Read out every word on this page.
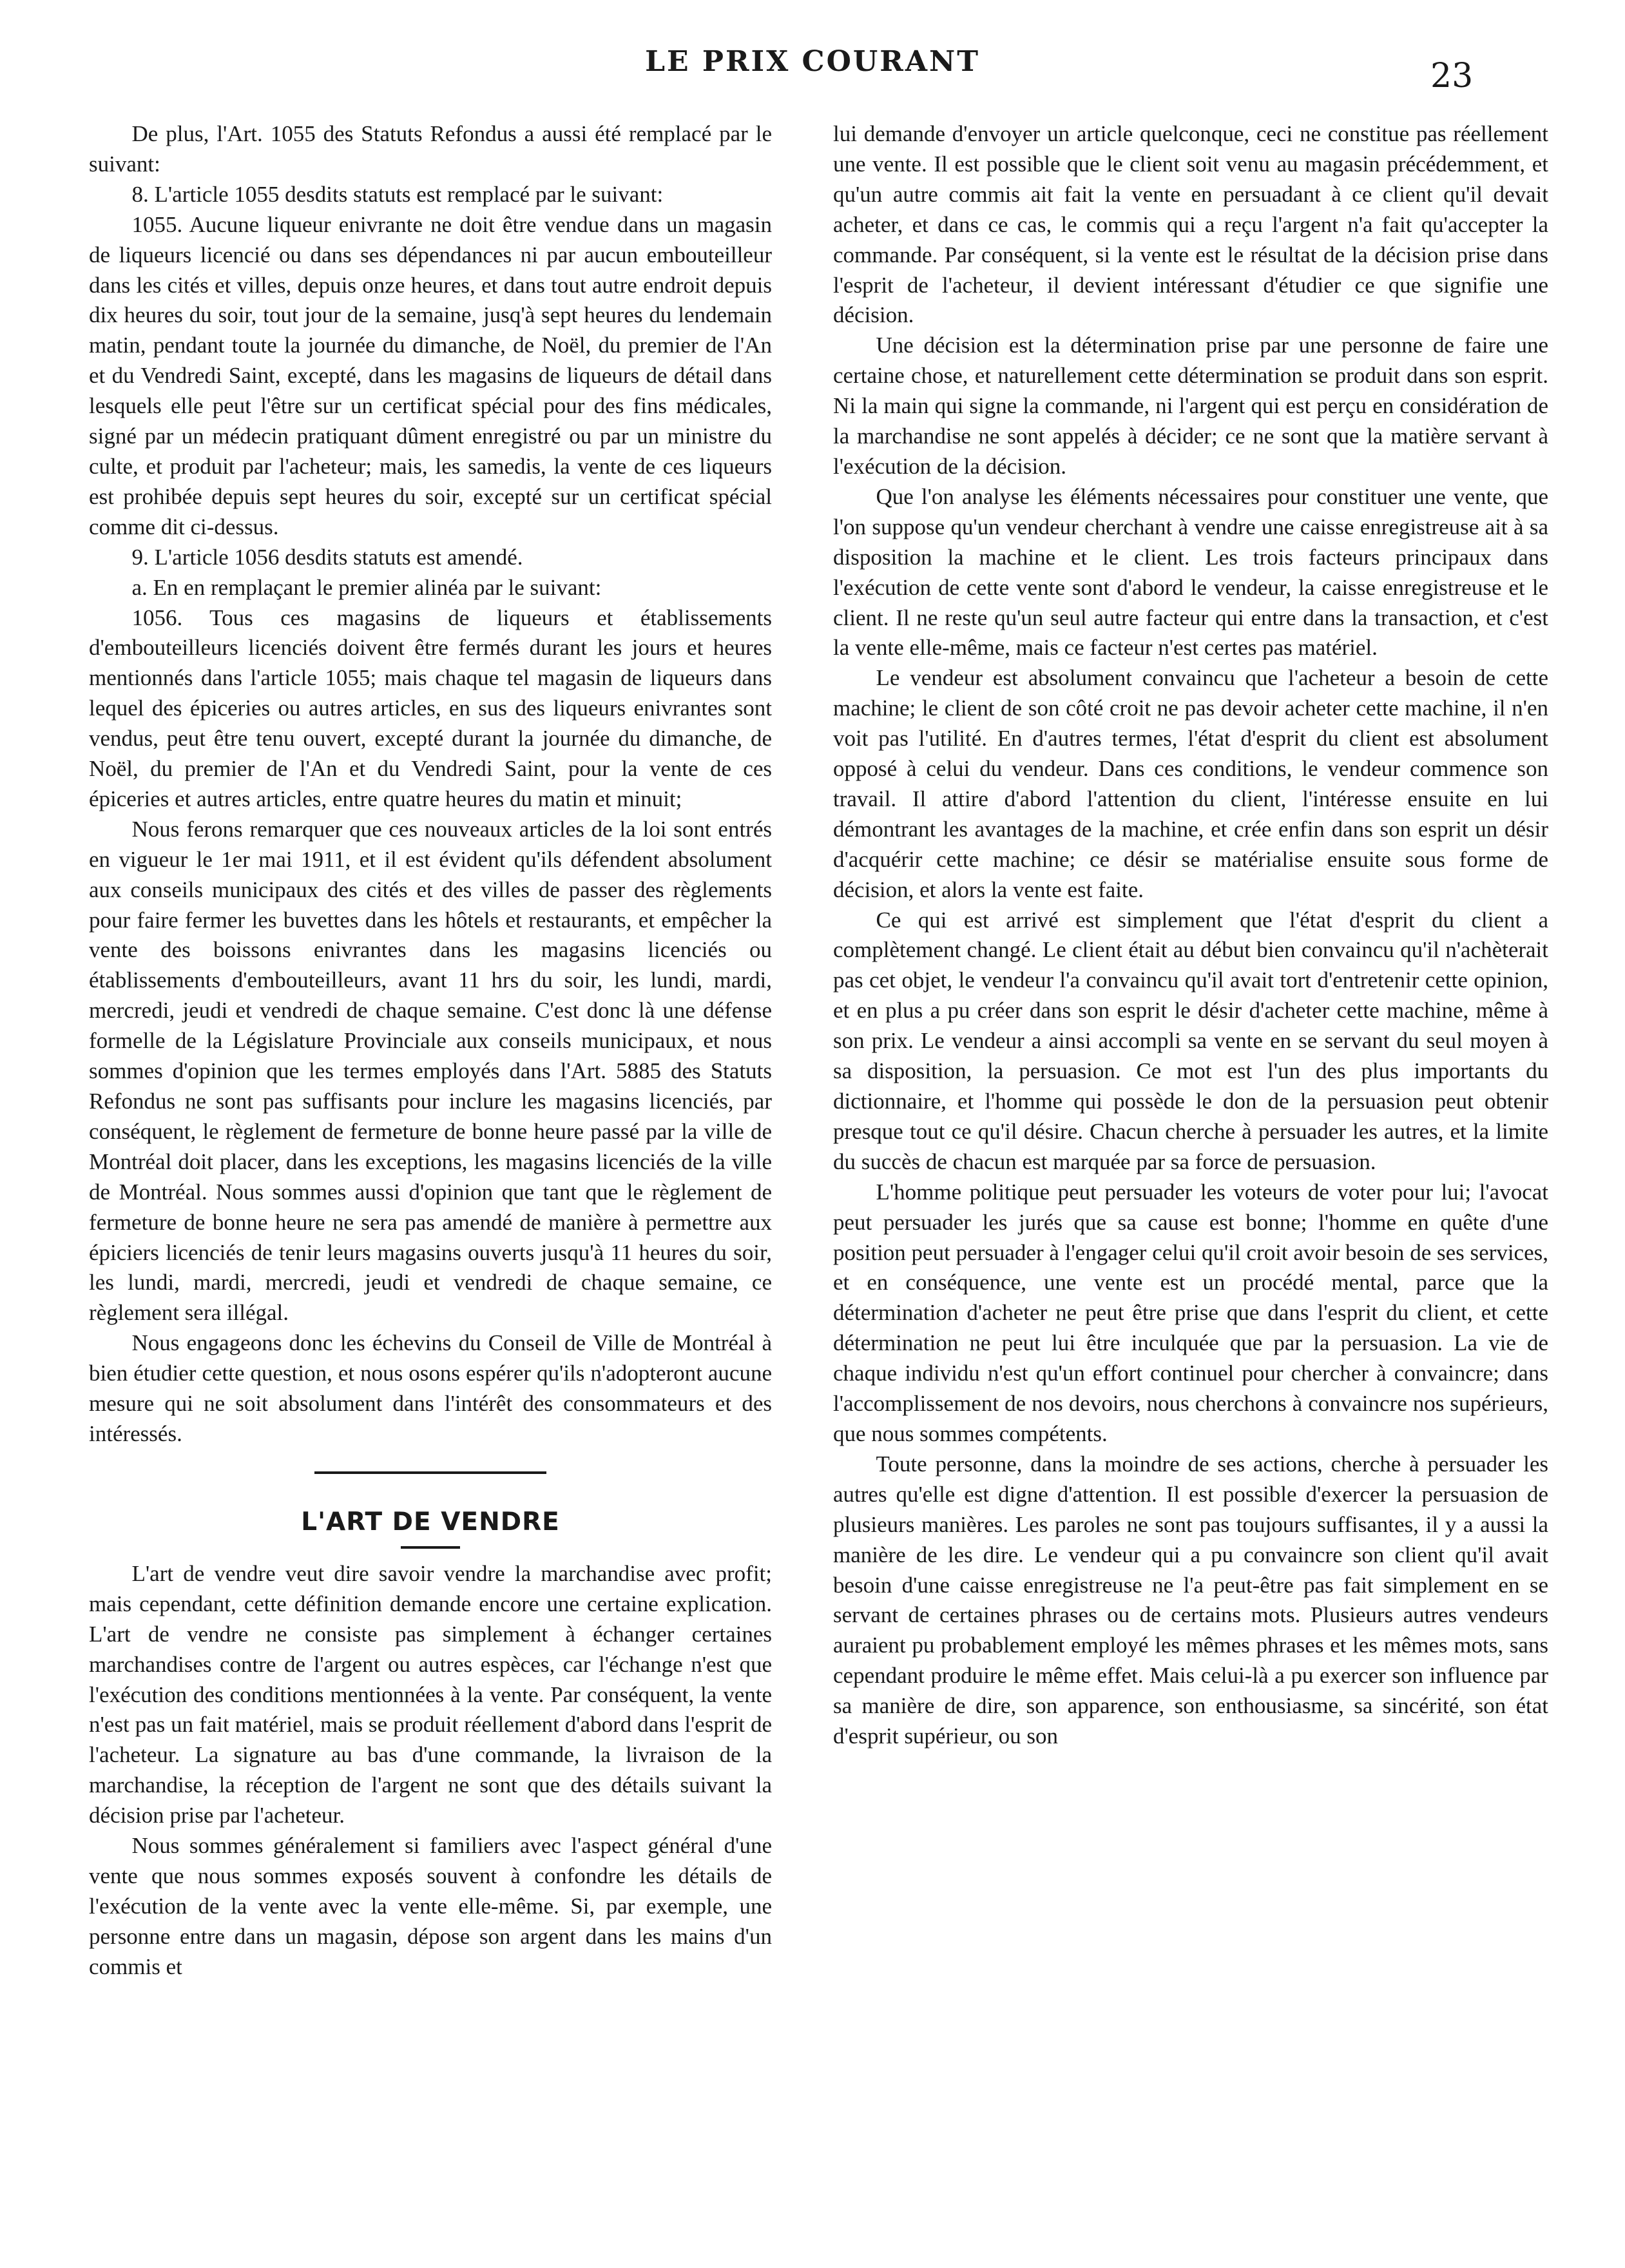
LE PRIX COURANT	23

De plus, l'Art. 1055 des Statuts Refondus a aussi été remplacé par le suivant:

8. L'article 1055 desdits statuts est remplacé par le suivant:

1055. Aucune liqueur enivrante ne doit être vendue dans un magasin de liqueurs licencié ou dans ses dépendances ni par aucun embouteilleur dans les cités et villes, depuis onze heures, et dans tout autre endroit depuis dix heures du soir, tout jour de la semaine, jusq'à sept heures du lendemain matin, pendant toute la journée du dimanche, de Noël, du premier de l'An et du Vendredi Saint, excepté, dans les magasins de liqueurs de détail dans lesquels elle peut l'être sur un certificat spécial pour des fins médicales, signé par un médecin pratiquant dûment enregistré ou par un ministre du culte, et produit par l'acheteur; mais, les samedis, la vente de ces liqueurs est prohibée depuis sept heures du soir, excepté sur un certificat spécial comme dit ci-dessus.

9. L'article 1056 desdits statuts est amendé.

a. En en remplaçant le premier alinéa par le suivant:

1056. Tous ces magasins de liqueurs et établissements d'embouteilleurs licenciés doivent être fermés durant les jours et heures mentionnés dans l'article 1055; mais chaque tel magasin de liqueurs dans lequel des épiceries ou autres articles, en sus des liqueurs enivrantes sont vendus, peut être tenu ouvert, excepté durant la journée du dimanche, de Noël, du premier de l'An et du Vendredi Saint, pour la vente de ces épiceries et autres articles, entre quatre heures du matin et minuit;

Nous ferons remarquer que ces nouveaux articles de la loi sont entrés en vigueur le 1er mai 1911, et il est évident qu'ils défendent absolument aux conseils municipaux des cités et des villes de passer des règlements pour faire fermer les buvettes dans les hôtels et restaurants, et empêcher la vente des boissons enivrantes dans les magasins licenciés ou établissements d'embouteilleurs, avant 11 hrs du soir, les lundi, mardi, mercredi, jeudi et vendredi de chaque semaine. C'est donc là une défense formelle de la Législature Provinciale aux conseils municipaux, et nous sommes d'opinion que les termes employés dans l'Art. 5885 des Statuts Refondus ne sont pas suffisants pour inclure les magasins licenciés, par conséquent, le règlement de fermeture de bonne heure passé par la ville de Montréal doit placer, dans les exceptions, les magasins licenciés de la ville de Montréal. Nous sommes aussi d'opinion que tant que le règlement de fermeture de bonne heure ne sera pas amendé de manière à permettre aux épiciers licenciés de tenir leurs magasins ouverts jusqu'à 11 heures du soir, les lundi, mardi, mercredi, jeudi et vendredi de chaque semaine, ce règlement sera illégal.

Nous engageons donc les échevins du Conseil de Ville de Montréal à bien étudier cette question, et nous osons espérer qu'ils n'adopteront aucune mesure qui ne soit absolument dans l'intérêt des consommateurs et des intéressés.

L'ART DE VENDRE

L'art de vendre veut dire savoir vendre la marchandise avec profit; mais cependant, cette définition demande encore une certaine explication. L'art de vendre ne consiste pas simplement à échanger certaines marchandises contre de l'argent ou autres espèces, car l'échange n'est que l'exécution des conditions mentionnées à la vente. Par conséquent, la vente n'est pas un fait matériel, mais se produit réellement d'abord dans l'esprit de l'acheteur. La signature au bas d'une commande, la livraison de la marchandise, la réception de l'argent ne sont que des détails suivant la décision prise par l'acheteur.

Nous sommes généralement si familiers avec l'aspect général d'une vente que nous sommes exposés souvent à confondre les détails de l'exécution de la vente avec la vente elle-même. Si, par exemple, une personne entre dans un magasin, dépose son argent dans les mains d'un commis et

lui demande d'envoyer un article quelconque, ceci ne constitue pas réellement une vente. Il est possible que le client soit venu au magasin précédemment, et qu'un autre commis ait fait la vente en persuadant à ce client qu'il devait acheter, et dans ce cas, le commis qui a reçu l'argent n'a fait qu'accepter la commande. Par conséquent, si la vente est le résultat de la décision prise dans l'esprit de l'acheteur, il devient intéressant d'étudier ce que signifie une décision.

Une décision est la détermination prise par une personne de faire une certaine chose, et naturellement cette détermination se produit dans son esprit. Ni la main qui signe la commande, ni l'argent qui est perçu en considération de la marchandise ne sont appelés à décider; ce ne sont que la matière servant à l'exécution de la décision.

Que l'on analyse les éléments nécessaires pour constituer une vente, que l'on suppose qu'un vendeur cherchant à vendre une caisse enregistreuse ait à sa disposition la machine et le client. Les trois facteurs principaux dans l'exécution de cette vente sont d'abord le vendeur, la caisse enregistreuse et le client. Il ne reste qu'un seul autre facteur qui entre dans la transaction, et c'est la vente elle-même, mais ce facteur n'est certes pas matériel.

Le vendeur est absolument convaincu que l'acheteur a besoin de cette machine; le client de son côté croit ne pas devoir acheter cette machine, il n'en voit pas l'utilité. En d'autres termes, l'état d'esprit du client est absolument opposé à celui du vendeur. Dans ces conditions, le vendeur commence son travail. Il attire d'abord l'attention du client, l'intéresse ensuite en lui démontrant les avantages de la machine, et crée enfin dans son esprit un désir d'acquérir cette machine; ce désir se matérialise ensuite sous forme de décision, et alors la vente est faite.

Ce qui est arrivé est simplement que l'état d'esprit du client a complètement changé. Le client était au début bien convaincu qu'il n'achèterait pas cet objet, le vendeur l'a convaincu qu'il avait tort d'entretenir cette opinion, et en plus a pu créer dans son esprit le désir d'acheter cette machine, même à son prix. Le vendeur a ainsi accompli sa vente en se servant du seul moyen à sa disposition, la persuasion. Ce mot est l'un des plus importants du dictionnaire, et l'homme qui possède le don de la persuasion peut obtenir presque tout ce qu'il désire. Chacun cherche à persuader les autres, et la limite du succès de chacun est marquée par sa force de persuasion.

L'homme politique peut persuader les voteurs de voter pour lui; l'avocat peut persuader les jurés que sa cause est bonne; l'homme en quête d'une position peut persuader à l'engager celui qu'il croit avoir besoin de ses services, et en conséquence, une vente est un procédé mental, parce que la détermination d'acheter ne peut être prise que dans l'esprit du client, et cette détermination ne peut lui être inculquée que par la persuasion. La vie de chaque individu n'est qu'un effort continuel pour chercher à convaincre; dans l'accomplissement de nos devoirs, nous cherchons à convaincre nos supérieurs, que nous sommes compétents.

Toute personne, dans la moindre de ses actions, cherche à persuader les autres qu'elle est digne d'attention. Il est possible d'exercer la persuasion de plusieurs manières. Les paroles ne sont pas toujours suffisantes, il y a aussi la manière de les dire. Le vendeur qui a pu convaincre son client qu'il avait besoin d'une caisse enregistreuse ne l'a peut-être pas fait simplement en se servant de certaines phrases ou de certains mots. Plusieurs autres vendeurs auraient pu probablement employé les mêmes phrases et les mêmes mots, sans cependant produire le même effet. Mais celui-là a pu exercer son influence par sa manière de dire, son apparence, son enthousiasme, sa sincérité, son état d'esprit supérieur, ou son
